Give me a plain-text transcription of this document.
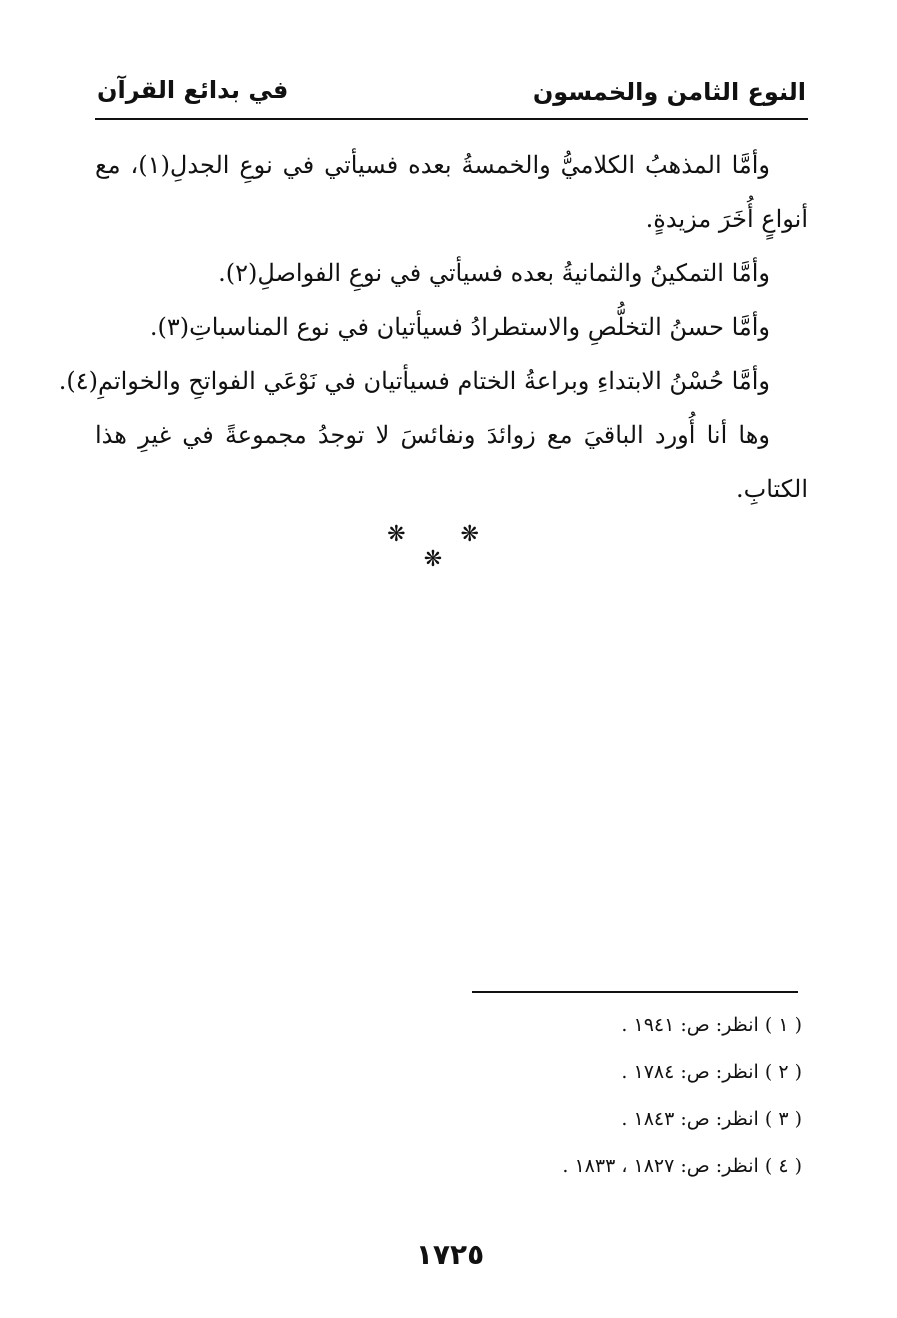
النوع الثامن والخمسون
في بدائع القرآن
وأمَّا المذهبُ الكلاميُّ والخمسةُ بعده فسيأتي في نوعِ الجدلِ(١)، مع
أنواعٍ أُخَرَ مزيدةٍ.
وأمَّا التمكينُ والثمانيةُ بعده فسيأتي في نوعِ الفواصلِ(٢).
وأمَّا حسنُ التخلُّصِ والاستطرادُ فسيأتيان في نوع المناسباتِ(٣).
وأمَّا حُسْنُ الابتداءِ وبراعةُ الختام فسيأتيان في نَوْعَي الفواتحِ والخواتمِ(٤).
وها أنا أُورد الباقيَ مع زوائدَ ونفائسَ لا توجدُ مجموعةً في غيرِ هذا
الكتابِ.
❋ ❋ ❋
( ١ ) انظر: ص: ١٩٤١ .
( ٢ ) انظر: ص: ١٧٨٤ .
( ٣ ) انظر: ص: ١٨٤٣ .
( ٤ ) انظر: ص: ١٨٢٧ ، ١٨٣٣ .
١٧٢٥
